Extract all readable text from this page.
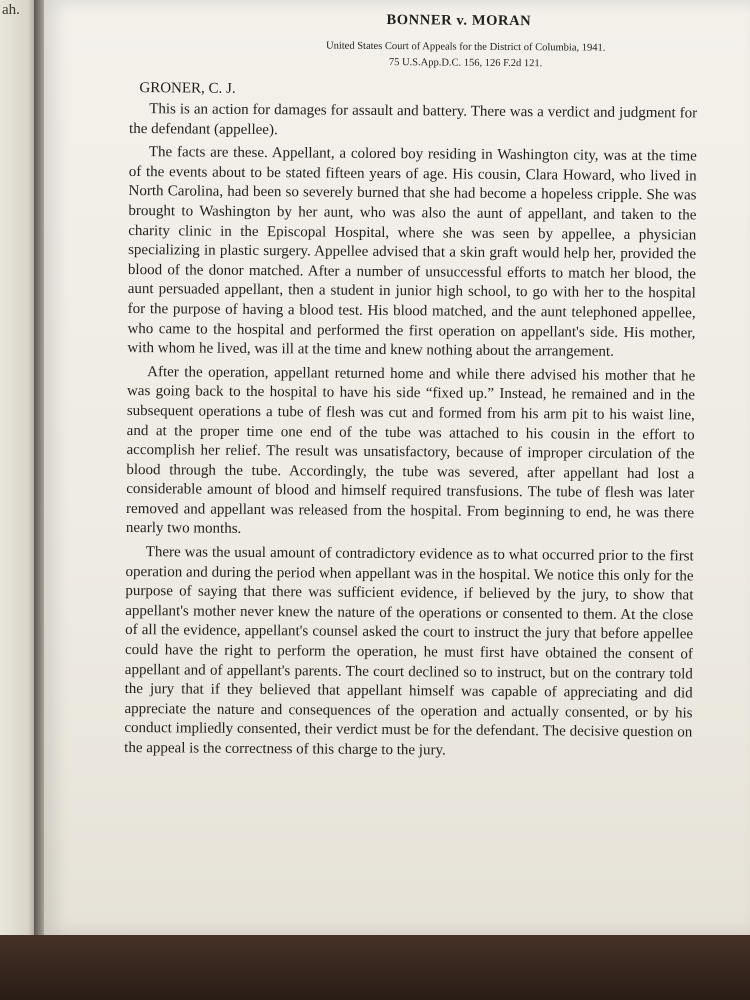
ah.

BONNER v. MORAN

United States Court of Appeals for the District of Columbia, 1941.

75 U.S.App.D.C. 156, 126 F.2d 121.

GRONER, C. J.

This is an action for damages for assault and battery. There was a verdict and judgment for the defendant (appellee).

The facts are these. Appellant, a colored boy residing in Washington city, was at the time of the events about to be stated fifteen years of age. His cousin, Clara Howard, who lived in North Carolina, had been so severely burned that she had become a hopeless cripple. She was brought to Washington by her aunt, who was also the aunt of appellant, and taken to the charity clinic in the Episcopal Hospital, where she was seen by appellee, a physician specializing in plastic surgery. Appellee advised that a skin graft would help her, provided the blood of the donor matched. After a number of unsuccessful efforts to match her blood, the aunt persuaded appellant, then a student in junior high school, to go with her to the hospital for the purpose of having a blood test. His blood matched, and the aunt telephoned appellee, who came to the hospital and performed the first operation on appellant's side. His mother, with whom he lived, was ill at the time and knew nothing about the arrangement.

After the operation, appellant returned home and while there advised his mother that he was going back to the hospital to have his side “fixed up.” Instead, he remained and in the subsequent operations a tube of flesh was cut and formed from his arm pit to his waist line, and at the proper time one end of the tube was attached to his cousin in the effort to accomplish her relief. The result was unsatisfactory, because of improper circulation of the blood through the tube. Accordingly, the tube was severed, after appellant had lost a considerable amount of blood and himself required transfusions. The tube of flesh was later removed and appellant was released from the hospital. From beginning to end, he was there nearly two months.

There was the usual amount of contradictory evidence as to what occurred prior to the first operation and during the period when appellant was in the hospital. We notice this only for the purpose of saying that there was sufficient evidence, if believed by the jury, to show that appellant's mother never knew the nature of the operations or consented to them. At the close of all the evidence, appellant's counsel asked the court to instruct the jury that before appellee could have the right to perform the operation, he must first have obtained the consent of appellant and of appellant's parents. The court declined so to instruct, but on the contrary told the jury that if they believed that appellant himself was capable of appreciating and did appreciate the nature and consequences of the operation and actually consented, or by his conduct impliedly consented, their verdict must be for the defendant. The decisive question on the appeal is the correctness of this charge to the jury.
